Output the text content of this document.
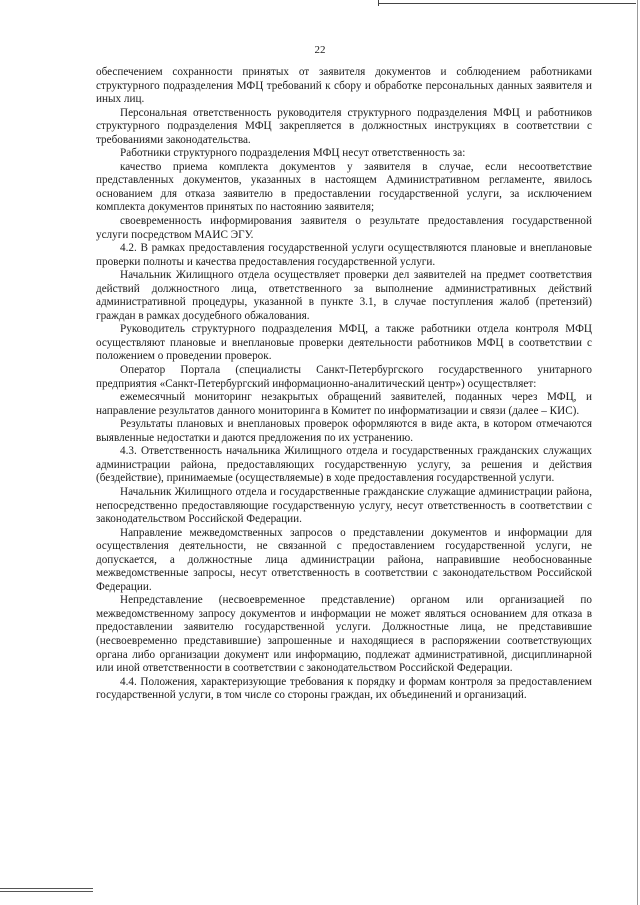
22

обеспечением сохранности принятых от заявителя документов и соблюдением работниками структурного подразделения МФЦ требований к сбору и обработке персональных данных заявителя и иных лиц.

Персональная ответственность руководителя структурного подразделения МФЦ и работников структурного подразделения МФЦ закрепляется в должностных инструкциях в соответствии с требованиями законодательства.

Работники структурного подразделения МФЦ несут ответственность за:

качество приема комплекта документов у заявителя в случае, если несоответствие представленных документов, указанных в настоящем Административном регламенте, явилось основанием для отказа заявителю в предоставлении государственной услуги, за исключением комплекта документов принятых по настоянию заявителя;

своевременность информирования заявителя о результате предоставления государственной услуги посредством МАИС ЭГУ.

4.2. В рамках предоставления государственной услуги осуществляются плановые и внеплановые проверки полноты и качества предоставления государственной услуги.

Начальник Жилищного отдела осуществляет проверки дел заявителей на предмет соответствия действий должностного лица, ответственного за выполнение административных действий административной процедуры, указанной в пункте 3.1, в случае поступления жалоб (претензий) граждан в рамках досудебного обжалования.

Руководитель структурного подразделения МФЦ, а также работники отдела контроля МФЦ осуществляют плановые и внеплановые проверки деятельности работников МФЦ в соответствии с положением о проведении проверок.

Оператор Портала (специалисты Санкт-Петербургского государственного унитарного предприятия «Санкт-Петербургский информационно-аналитический центр») осуществляет:

ежемесячный мониторинг незакрытых обращений заявителей, поданных через МФЦ, и направление результатов данного мониторинга в Комитет по информатизации и связи (далее – КИС).

Результаты плановых и внеплановых проверок оформляются в виде акта, в котором отмечаются выявленные недостатки и даются предложения по их устранению.

4.3. Ответственность начальника Жилищного отдела и государственных гражданских служащих администрации района, предоставляющих государственную услугу, за решения и действия (бездействие), принимаемые (осуществляемые) в ходе предоставления государственной услуги.

Начальник Жилищного отдела и государственные гражданские служащие администрации района, непосредственно предоставляющие государственную услугу, несут ответственность в соответствии с законодательством Российской Федерации.

Направление межведомственных запросов о представлении документов и информации для осуществления деятельности, не связанной с предоставлением государственной услуги, не допускается, а должностные лица администрации района, направившие необоснованные межведомственные запросы, несут ответственность в соответствии с законодательством Российской Федерации.

Непредставление (несвоевременное представление) органом или организацией по межведомственному запросу документов и информации не может являться основанием для отказа в предоставлении заявителю государственной услуги. Должностные лица, не представившие (несвоевременно представившие) запрошенные и находящиеся в распоряжении соответствующих органа либо организации документ или информацию, подлежат административной, дисциплинарной или иной ответственности в соответствии с законодательством Российской Федерации.

4.4. Положения, характеризующие требования к порядку и формам контроля за предоставлением государственной услуги, в том числе со стороны граждан, их объединений и организаций.
